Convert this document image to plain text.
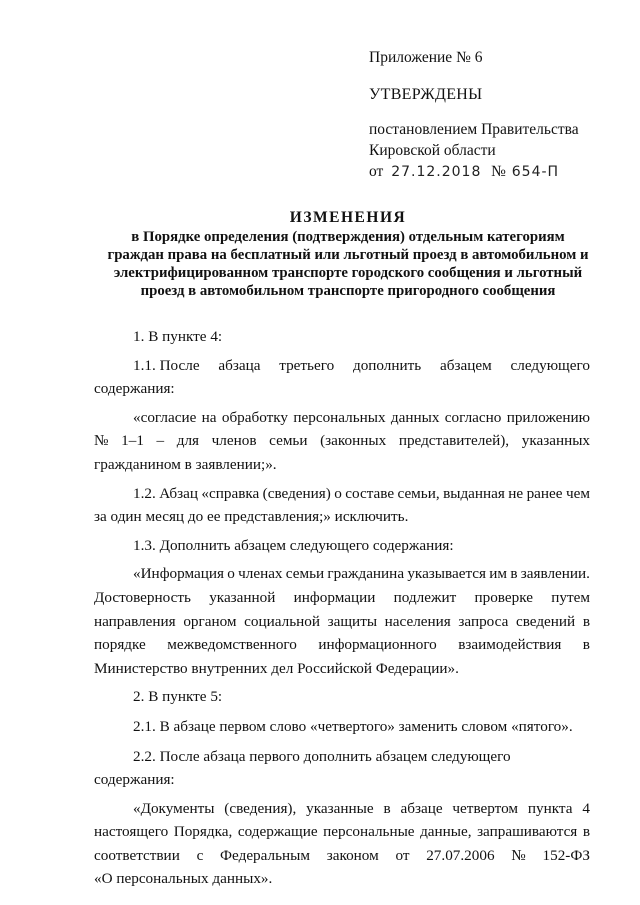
Приложение № 6

УТВЕРЖДЕНЫ

постановлением Правительства
Кировской области
от 27.12.2018 № 654-П

ИЗМЕНЕНИЯ
в Порядке определения (подтверждения) отдельным категориям
граждан права на бесплатный или льготный проезд в автомобильном и
электрифицированном транспорте городского сообщения и льготный
проезд в автомобильном транспорте пригородного сообщения

1. В пункте 4:

1.1. После абзаца третьего дополнить абзацем следующего
содержания:
«согласие на обработку персональных данных согласно приложению
№ 1–1 – для членов семьи (законных представителей), указанных
гражданином в заявлении;».
1.2. Абзац «справка (сведения) о составе семьи, выданная не ранее чем
за один месяц до ее представления;» исключить.

1.3. Дополнить абзацем следующего содержания:

«Информация о членах семьи гражданина указывается им в заявлении.
Достоверность указанной информации подлежит проверке путем
направления органом социальной защиты населения запроса сведений в
порядке межведомственного информационного взаимодействия в
Министерство внутренних дел Российской Федерации».

2. В пункте 5:

2.1. В абзаце первом слово «четвертого» заменить словом «пятого».

2.2. После абзаца первого дополнить абзацем следующего содержания:

«Документы (сведения), указанные в абзаце четвертом пункта 4
настоящего Порядка, содержащие персональные данные, запрашиваются в
соответствии с Федеральным законом от 27.07.2006 № 152-ФЗ
«О персональных данных».
